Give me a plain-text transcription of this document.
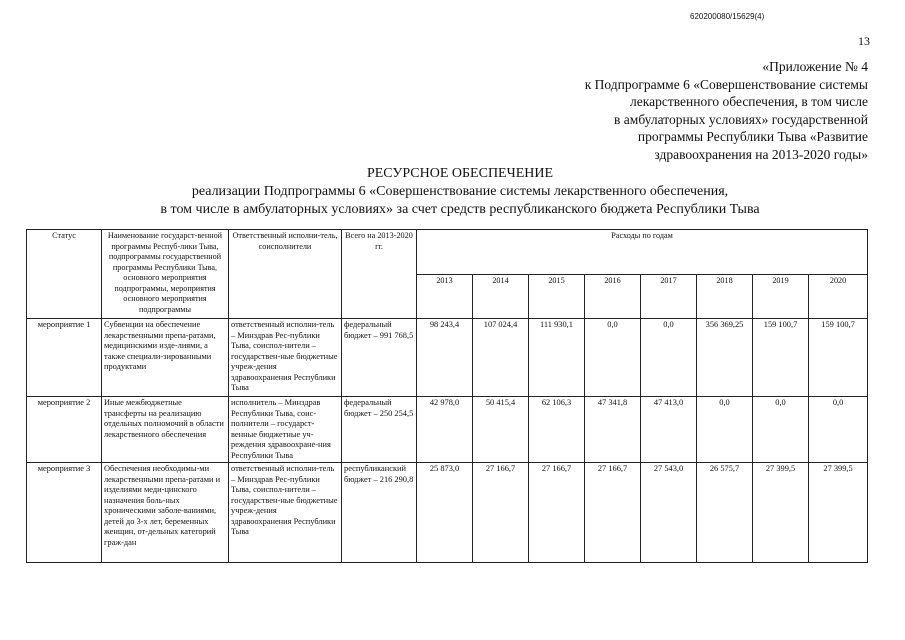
620200080/15629(4)
13
«Приложение № 4
к Подпрограмме 6 «Совершенствование системы
лекарственного обеспечения, в том числе
в амбулаторных условиях» государственной
программы Республики Тыва «Развитие
здравоохранения на 2013-2020 годы»
РЕСУРСНОЕ ОБЕСПЕЧЕНИЕ
реализации Подпрограммы 6 «Совершенствование системы лекарственного обеспечения,
в том числе в амбулаторных условиях» за счет средств республиканского бюджета Республики Тыва
Статус	Наименование государст-венной программы Респуб-лики Тыва, подпрограммы государственной программы Республики Тыва, основного мероприятия подпрограммы, мероприятия основного мероприятия подпрограммы	Ответственный исполни-тель, соисполнители	Всего на 2013-2020 гг.	Расходы по годам							
				2013	2014	2015	2016	2017	2018	2019	2020
мероприятие 1	Субвенции на обеспечение лекарственными препа-ратами, медицинскими изде-лиями, а также специали-зированными продуктами	ответственный исполни-тель – Минздрав Рес-публики Тыва, соиспол-нители – государствен-ные бюджетные учреж-дения здравоохранения Республики Тыва	федеральный бюджет – 991 768,5	98 243,4	107 024,4	111 930,1	0,0	0,0	356 369,25	159 100,7	159 100,7
мероприятие 2	Иные межбюджетные трансферты на реализацию отдельных полномочий в области лекарственного обеспечения	исполнитель – Минздрав Республики Тыва, соис-полнители – государст-венные бюджетные уч-реждения здравоохране-ния Республики Тыва	федеральный бюджет – 250 254,5	42 978,0	50 415,4	62 106,3	47 341,8	47 413,0	0,0	0,0	0,0
мероприятие 3	Обеспечения необходимы-ми лекарственными препа-ратами и изделиями меди-цинского назначения боль-ных хроническими заболе-ваниями, детей до 3-х лет, беременных женщин, от-дельных категорий граж-дан	ответственный исполни-тель – Минздрав Рес-публики Тыва, соиспол-нители – государствен-ные бюджетные учреж-дения здравоохранения Республики Тыва	республиканский бюджет – 216 290,8	25 873,0	27 166,7	27 166,7	27 166,7	27 543,0	26 575,7	27 399,5	27 399,5
